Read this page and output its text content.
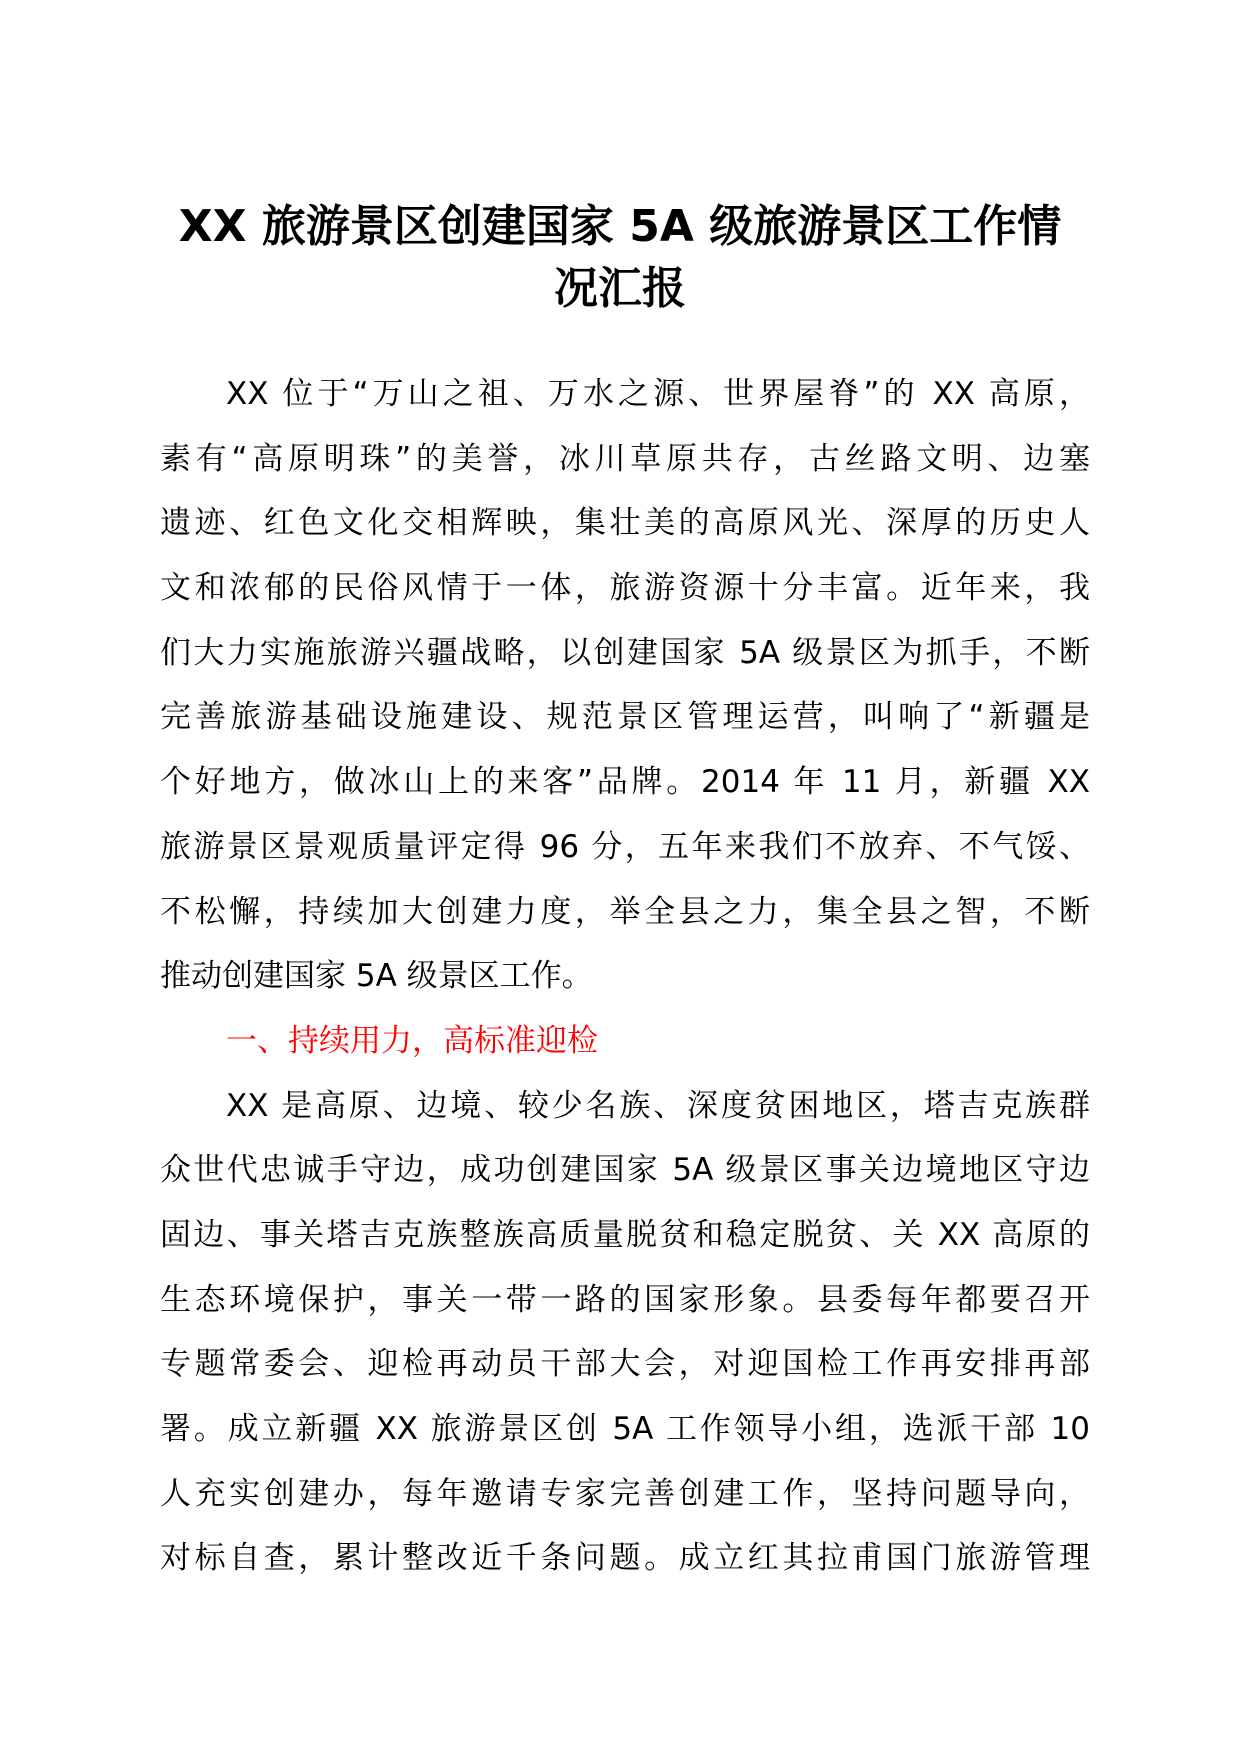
XX 旅游景区创建国家 5A 级旅游景区工作情
况汇报

XX 位于“万山之祖、万水之源、世界屋脊”的 XX 高原，
素有“高原明珠”的美誉，冰川草原共存，古丝路文明、边塞
遗迹、红色文化交相辉映，集壮美的高原风光、深厚的历史人
文和浓郁的民俗风情于一体，旅游资源十分丰富。近年来，我
们大力实施旅游兴疆战略，以创建国家 5A 级景区为抓手，不断
完善旅游基础设施建设、规范景区管理运营，叫响了“新疆是
个好地方，做冰山上的来客”品牌。2014 年 11 月，新疆 XX
旅游景区景观质量评定得 96 分，五年来我们不放弃、不气馁、
不松懈，持续加大创建力度，举全县之力，集全县之智，不断
推动创建国家 5A 级景区工作。

一、持续用力，高标准迎检

XX 是高原、边境、较少名族、深度贫困地区，塔吉克族群
众世代忠诚手守边，成功创建国家 5A 级景区事关边境地区守边
固边、事关塔吉克族整族高质量脱贫和稳定脱贫、关 XX 高原的
生态环境保护，事关一带一路的国家形象。县委每年都要召开
专题常委会、迎检再动员干部大会，对迎国检工作再安排再部
署。成立新疆 XX 旅游景区创 5A 工作领导小组，选派干部 10
人充实创建办，每年邀请专家完善创建工作，坚持问题导向，
对标自查，累计整改近千条问题。成立红其拉甫国门旅游管理
